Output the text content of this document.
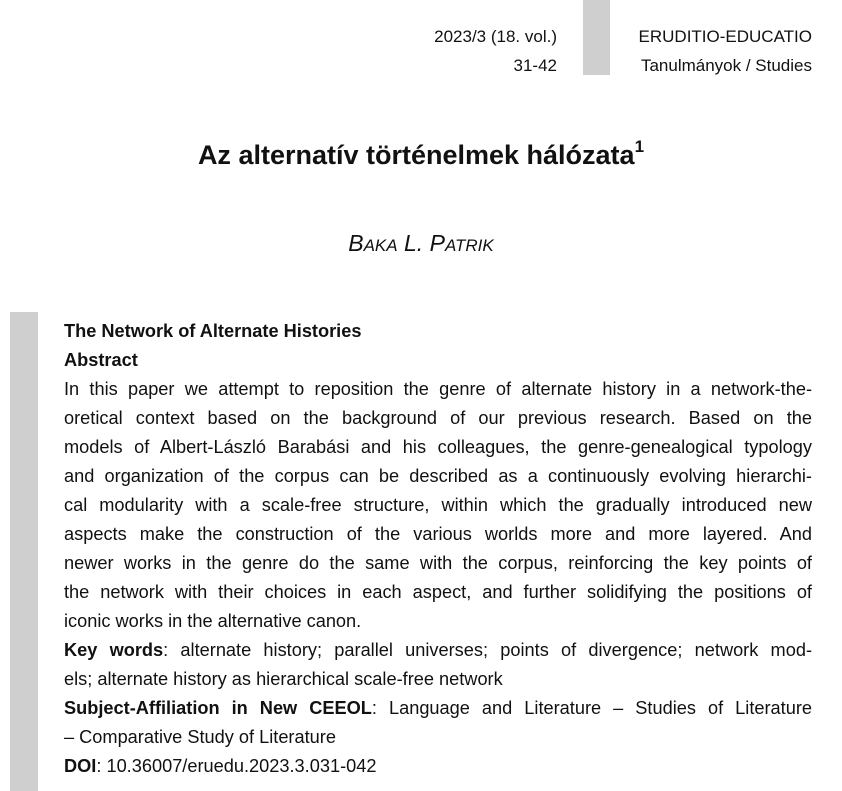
2023/3 (18. vol.)
31-42
ERUDITIO-EDUCATIO
Tanulmányok / Studies
Az alternatív történelmek hálózata$^1$
BAKA L. PATRIK

The Network of Alternate Histories

Abstract

In this paper we attempt to reposition the genre of alternate history in a network-the-
oretical context based on the background of our previous research. Based on the
models of Albert-László Barabási and his colleagues, the genre-genealogical typology
and organization of the corpus can be described as a continuously evolving hierarchi-
cal modularity with a scale-free structure, within which the gradually introduced new
aspects make the construction of the various worlds more and more layered. And
newer works in the genre do the same with the corpus, reinforcing the key points of
the network with their choices in each aspect, and further solidifying the positions of
iconic works in the alternative canon.
Key words: alternate history; parallel universes; points of divergence; network mod-
els; alternate history as hierarchical scale-free network
Subject-Affiliation in New CEEOL: Language and Literature – Studies of Literature
– Comparative Study of Literature

DOI: 10.36007/eruedu.2023.3.031-042
